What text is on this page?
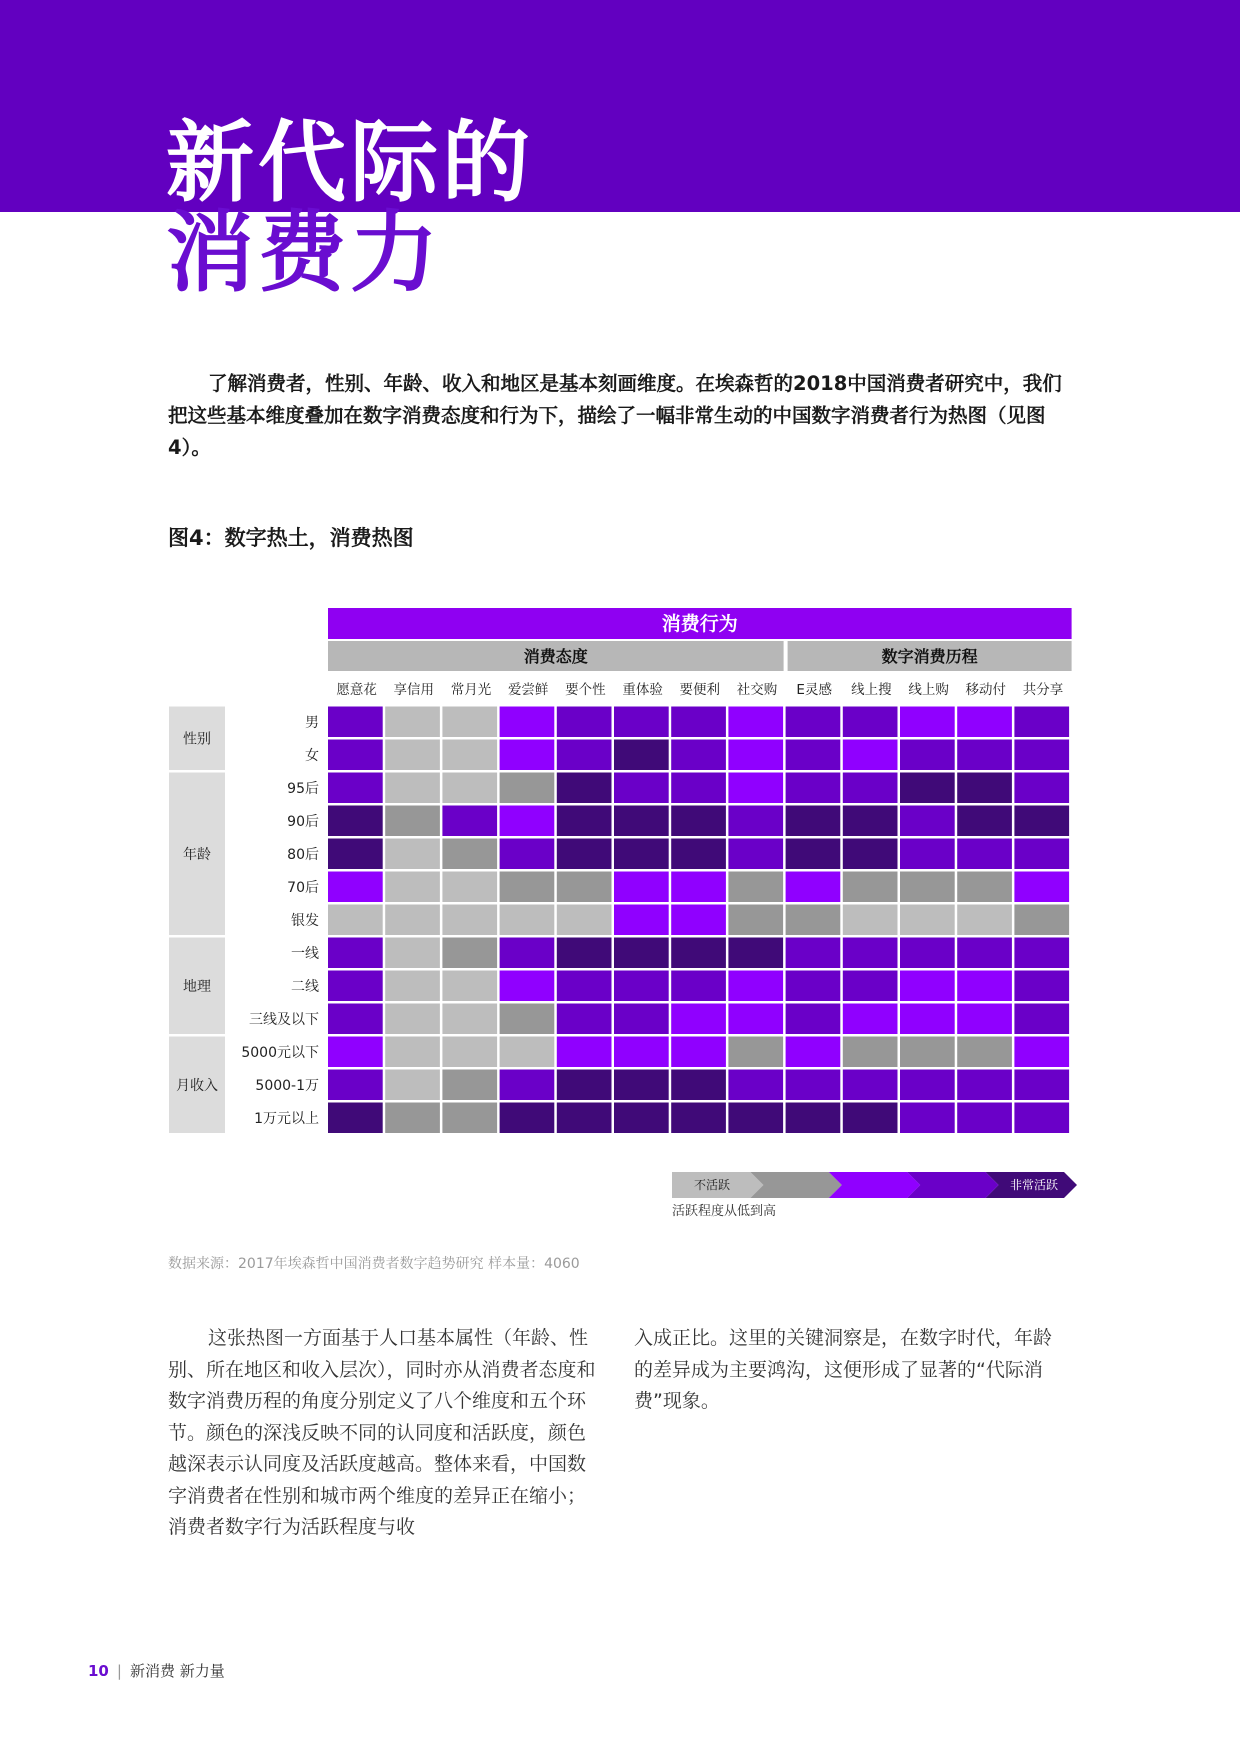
新代际的
消费力

了解消费者，性别、年龄、收入和地区是基本刻画维度。在埃森哲的2018中国消费者研究中，我们把这些基本维度叠加在数字消费态度和行为下，描绘了一幅非常生动的中国数字消费者行为热图（见图4）。

图4：数字热土，消费热图

消费行为
消费态度	数字消费历程
愿意花 享信用 常月光 爱尝鲜 要个性 重体验 要便利 社交购 E灵感 线上搜 线上购 移动付 共分享
性别
年龄
地理
月收入
男
女
95后
90后
80后
70后
银发
一线
二线
三线及以下
5000元以下
5000-1万
1万元以上
不活跃	非常活跃
活跃程度从低到高
数据来源：2017年埃森哲中国消费者数字趋势研究 样本量：4060

这张热图一方面基于人口基本属性（年龄、性别、所在地区和收入层次），同时亦从消费者态度和数字消费历程的角度分别定义了八个维度和五个环节。颜色的深浅反映不同的认同度和活跃度，颜色越深表示认同度及活跃度越高。整体来看，中国数字消费者在性别和城市两个维度的差异正在缩小；消费者数字行为活跃程度与收

入成正比。这里的关键洞察是，在数字时代，年龄的差异成为主要鸿沟，这便形成了显著的“代际消费”现象。

10 | 新消费 新力量
